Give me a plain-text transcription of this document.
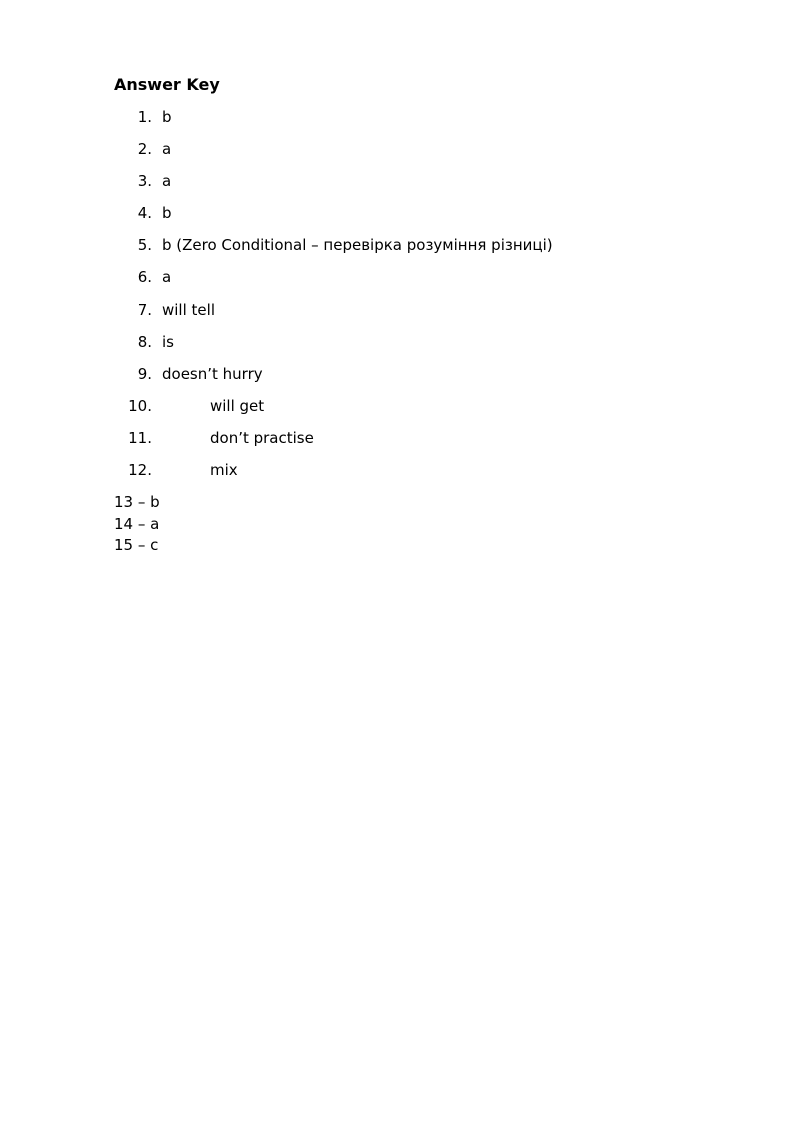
Answer Key
1. b
2. a
3. a
4. b
5. b (Zero Conditional – перевірка розуміння різниці)
6. a
7. will tell
8. is
9. doesn’t hurry
10.	will get
11.	don’t practise
12.	mix
13 – b
14 – a
15 – c
